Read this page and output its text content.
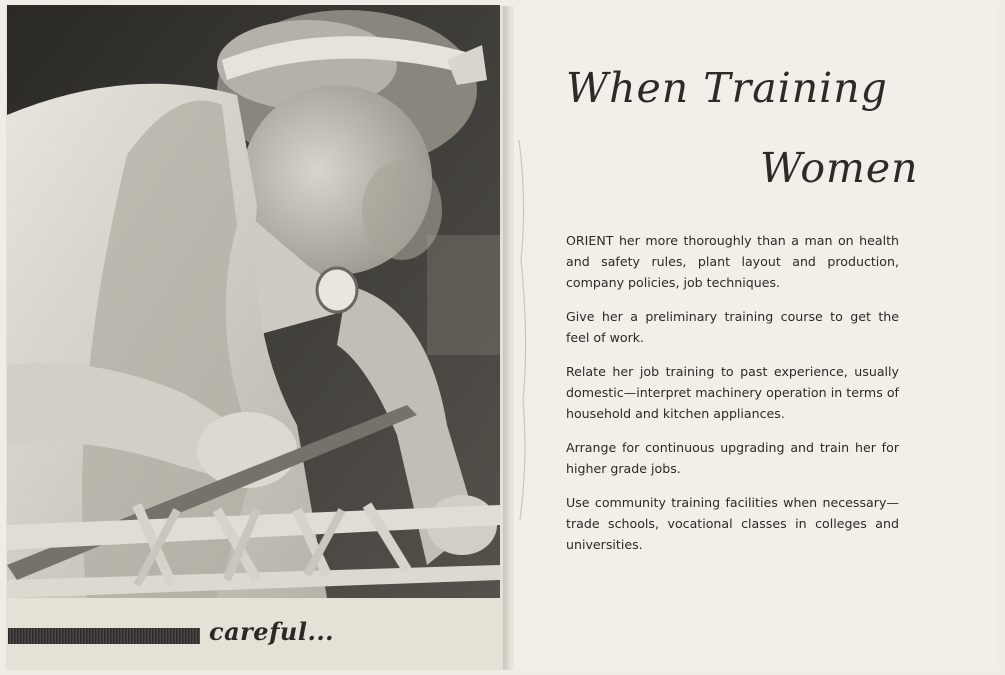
careful...
When Training
Women

ORIENT her more thoroughly than a man on health and safety rules, plant layout and production, company policies, job techniques.

Give her a preliminary training course to get the feel of work.

Relate her job training to past experience, usually domestic—interpret machinery operation in terms of household and kitchen appliances.

Arrange for continuous upgrading and train her for higher grade jobs.

Use community training facilities when necessary—trade schools, vocational classes in colleges and universities.
